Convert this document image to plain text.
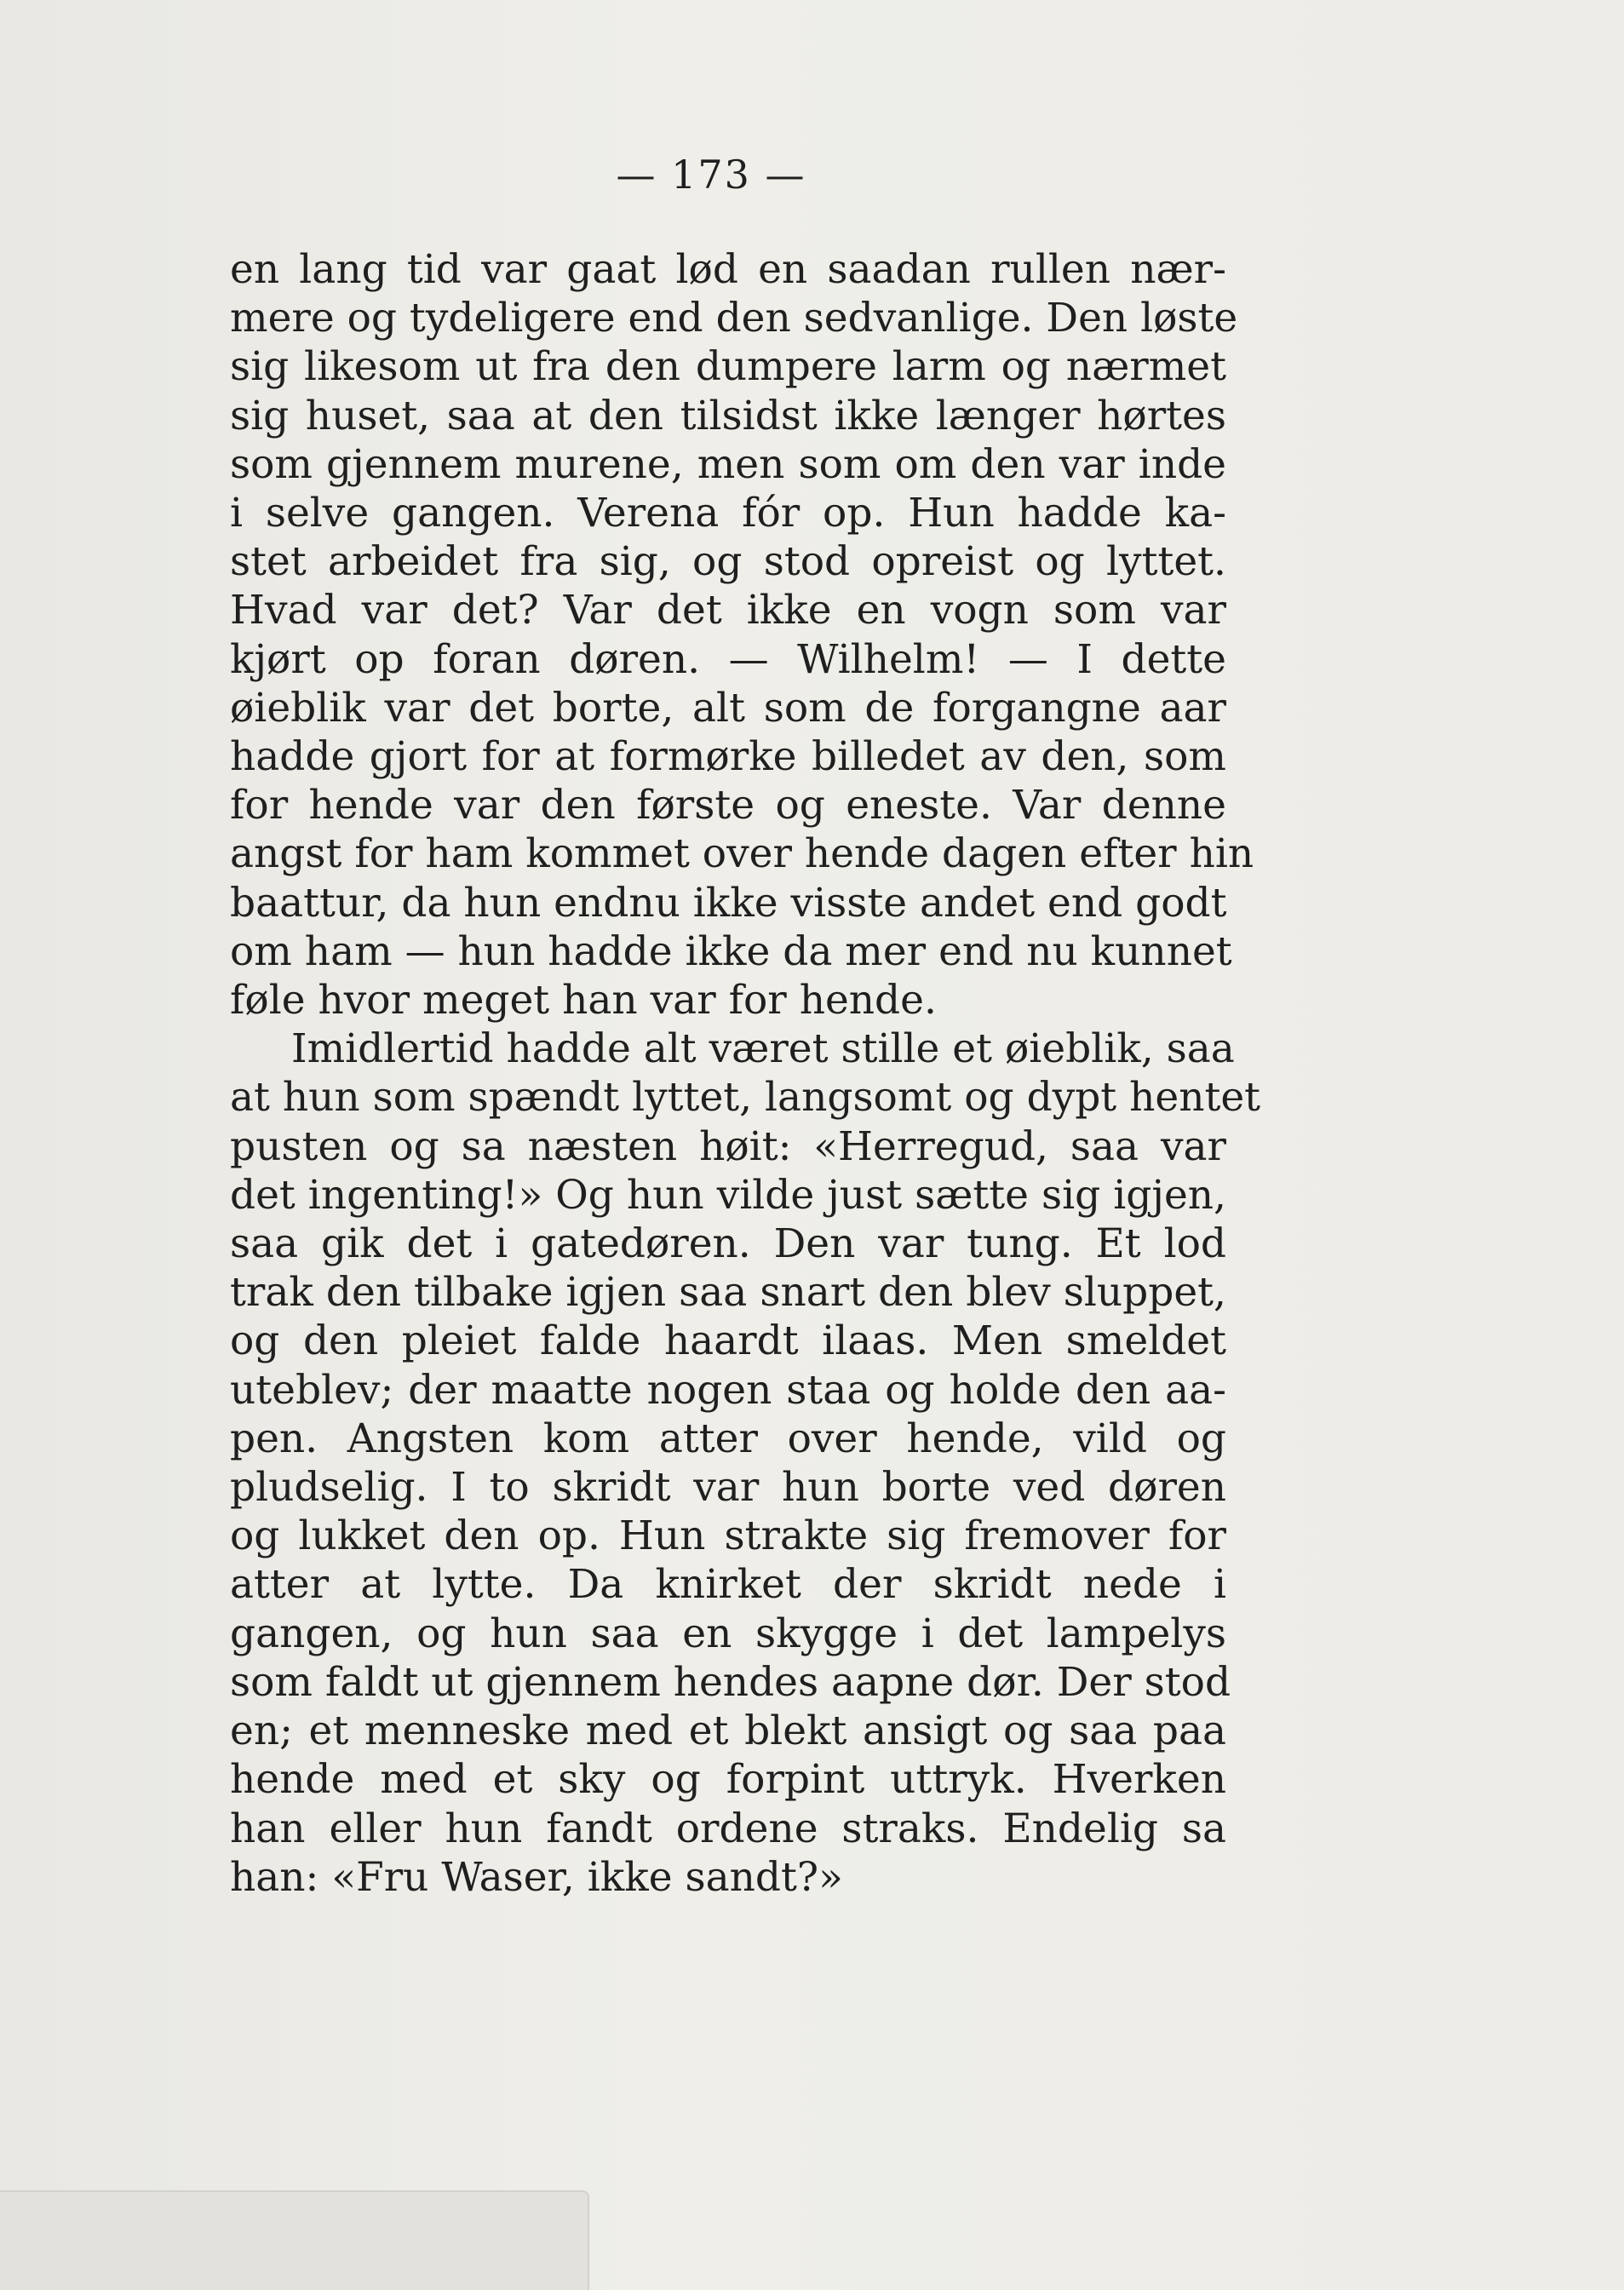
— 173 —
en lang tid var gaat lød en saadan rullen nær-
mere og tydeligere end den sedvanlige. Den løste
sig likesom ut fra den dumpere larm og nærmet
sig huset, saa at den tilsidst ikke længer hørtes
som gjennem murene, men som om den var inde
i selve gangen. Verena fór op. Hun hadde ka-
stet arbeidet fra sig, og stod opreist og lyttet.
Hvad var det? Var det ikke en vogn som var
kjørt op foran døren. — Wilhelm! — I dette
øieblik var det borte, alt som de forgangne aar
hadde gjort for at formørke billedet av den, som
for hende var den første og eneste. Var denne
angst for ham kommet over hende dagen efter hin
baattur, da hun endnu ikke visste andet end godt
om ham — hun hadde ikke da mer end nu kunnet
føle hvor meget han var for hende.
Imidlertid hadde alt været stille et øieblik, saa
at hun som spændt lyttet, langsomt og dypt hentet
pusten og sa næsten høit: «Herregud, saa var
det ingenting!» Og hun vilde just sætte sig igjen,
saa gik det i gatedøren. Den var tung. Et lod
trak den tilbake igjen saa snart den blev sluppet,
og den pleiet falde haardt ilaas. Men smeldet
uteblev; der maatte nogen staa og holde den aa-
pen. Angsten kom atter over hende, vild og
pludselig. I to skridt var hun borte ved døren
og lukket den op. Hun strakte sig fremover for
atter at lytte. Da knirket der skridt nede i
gangen, og hun saa en skygge i det lampelys
som faldt ut gjennem hendes aapne dør. Der stod
en; et menneske med et blekt ansigt og saa paa
hende med et sky og forpint uttryk. Hverken
han eller hun fandt ordene straks. Endelig sa
han: «Fru Waser, ikke sandt?»
